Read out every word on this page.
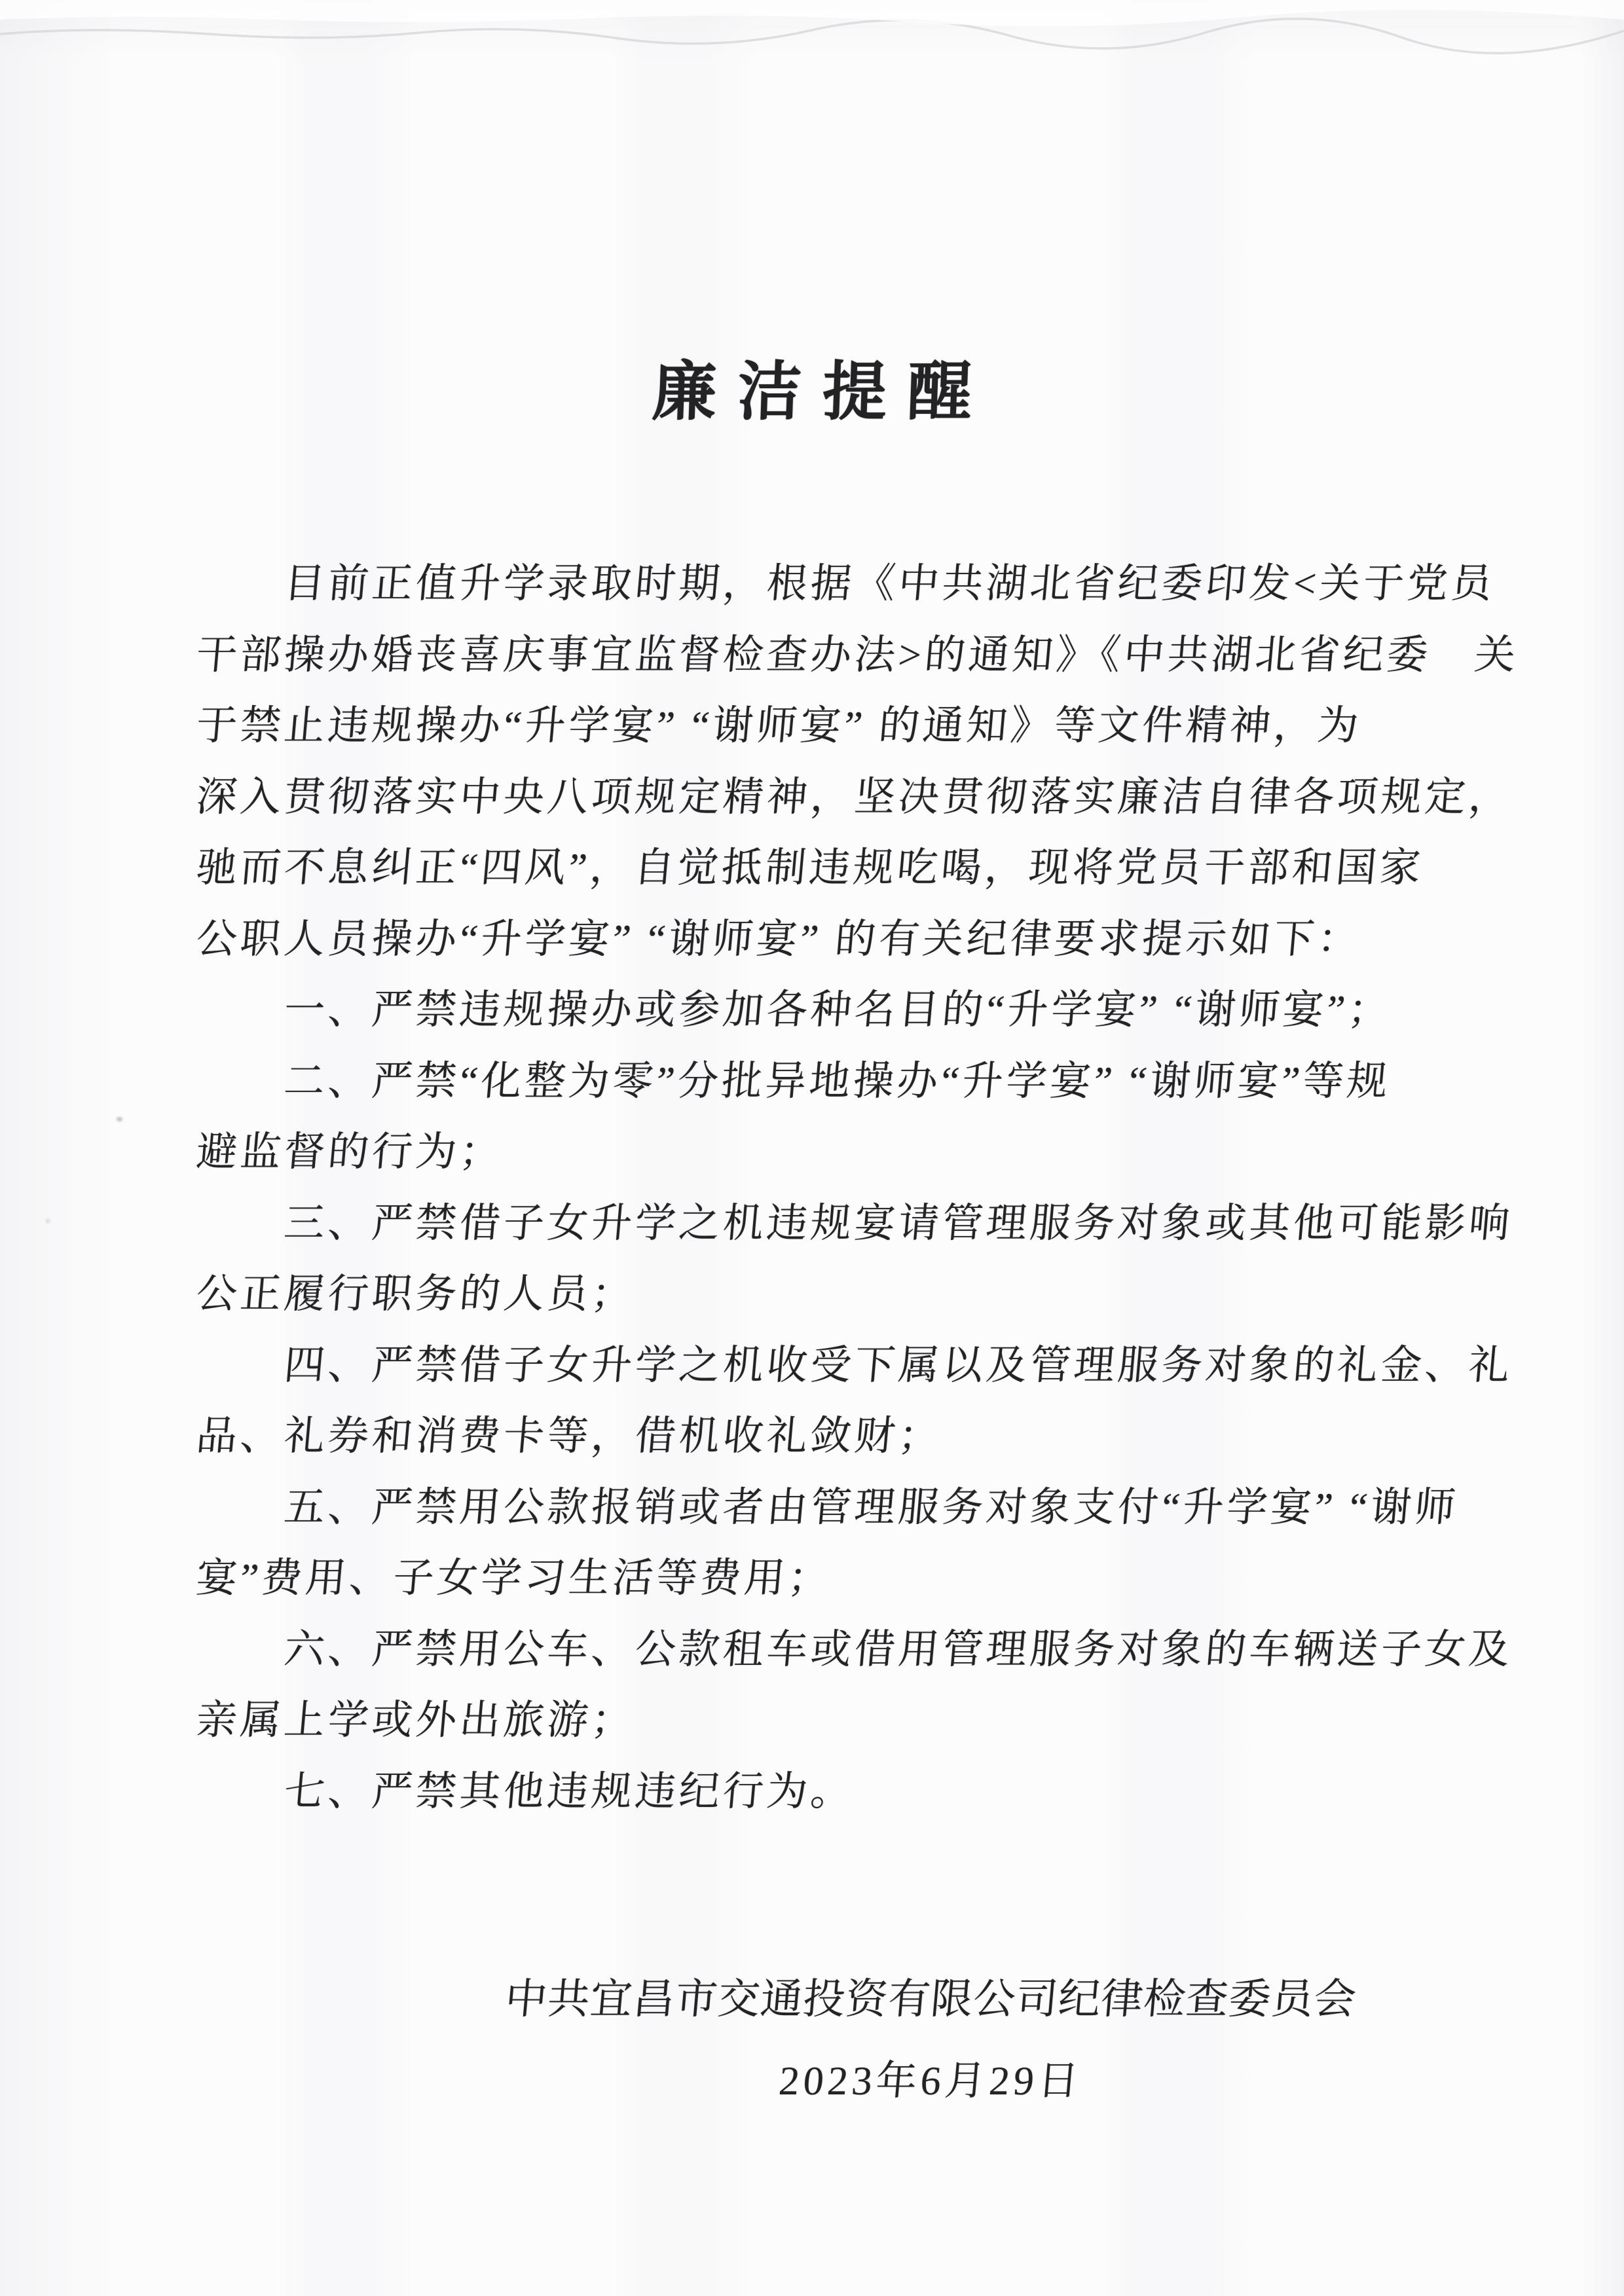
廉洁提醒
　　目前正值升学录取时期，根据《中共湖北省纪委印发<关于党员
干部操办婚丧喜庆事宜监督检查办法>的通知》《中共湖北省纪委　关
于禁止违规操办“升学宴” “谢师宴” 的通知》等文件精神，为
深入贯彻落实中央八项规定精神，坚决贯彻落实廉洁自律各项规定，
驰而不息纠正“四风”，自觉抵制违规吃喝，现将党员干部和国家
公职人员操办“升学宴” “谢师宴” 的有关纪律要求提示如下：
　　一、严禁违规操办或参加各种名目的“升学宴” “谢师宴”；
　　二、严禁“化整为零”分批异地操办“升学宴” “谢师宴”等规
避监督的行为；
　　三、严禁借子女升学之机违规宴请管理服务对象或其他可能影响
公正履行职务的人员；
　　四、严禁借子女升学之机收受下属以及管理服务对象的礼金、礼
品、礼券和消费卡等，借机收礼敛财；
　　五、严禁用公款报销或者由管理服务对象支付“升学宴” “谢师
宴”费用、子女学习生活等费用；
　　六、严禁用公车、公款租车或借用管理服务对象的车辆送子女及
亲属上学或外出旅游；
　　七、严禁其他违规违纪行为。
中共宜昌市交通投资有限公司纪律检查委员会
2023年6月29日
